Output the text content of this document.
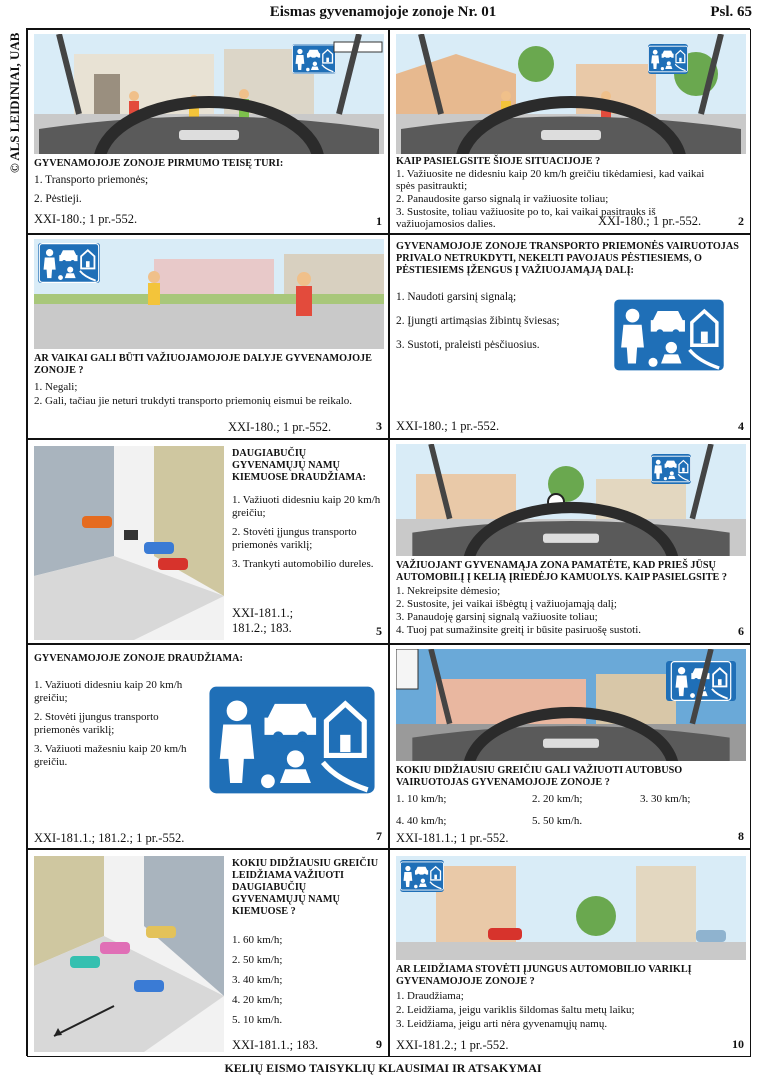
Eismas gyvenamojoje zonoje Nr. 01	Psl. 65
© ALS LEIDINIAI, UAB GYVENAMOJOJE ZONOJE PIRMUMO TEISĘ TURI:
1. Transporto priemonės;
2. Pėstieji.
XXI-180.; 1 pr.-552.	1
KAIP PASIELGSITE ŠIOJE SITUACIJOJE ?
1. Važiuosite ne didesniu kaip 20 km/h greičiu tikėdamiesi, kad vaikai spės pasitraukti;
2. Panaudosite garso signalą ir važiuosite toliau;
3. Sustosite, toliau važiuosite po to, kai vaikai pasitrauks iš važiuojamosios dalies.	XXI-180.; 1 pr.-552.	2
AR VAIKAI GALI BŪTI VAŽIUOJAMOJOJE DALYJE GYVENAMOJOJE ZONOJE ?
1. Negali;
2. Gali, tačiau jie neturi trukdyti transporto priemonių eismui be reikalo.
XXI-180.; 1 pr.-552.	3
GYVENAMOJOJE ZONOJE TRANSPORTO PRIEMONĖS VAIRUOTOJAS PRIVALO NETRUKDYTI, NEKELTI PAVOJAUS PĖSTIESIEMS, O PĖSTIESIEMS ĮŽENGUS Į VAŽIUOJAMĄJĄ DALĮ:
1. Naudoti garsinį signalą;
2. Įjungti artimąsias žibintų šviesas;
3. Sustoti, praleisti pėsčiuosius.
XXI-180.; 1 pr.-552.	4
DAUGIABUČIŲ GYVENAMŲJŲ NAMŲ KIEMUOSE DRAUDŽIAMA:
1. Važiuoti didesniu kaip 20 km/h greičiu;
2. Stovėti įjungus transporto priemonės variklį;
3. Trankyti automobilio dureles.
XXI-181.1.;
181.2.; 183.	5
VAŽIUOJANT GYVENAMĄJA ZONA PAMATĖTE, KAD PRIEŠ JŪSŲ AUTOMOBILĮ Į KELIĄ ĮRIEDĖJO KAMUOLYS. KAIP PASIELGSITE ?
1. Nekreipsite dėmesio;
2. Sustosite, jei vaikai išbėgtų į važiuojamąją dalį;
3. Panaudoję garsinį signalą važiuosite toliau;
4. Tuoj pat sumažinsite greitį ir būsite pasiruošę sustoti.	6
GYVENAMOJOJE ZONOJE DRAUDŽIAMA:
1. Važiuoti didesniu kaip 20 km/h greičiu;
2. Stovėti įjungus transporto priemonės variklį;
3. Važiuoti mažesniu kaip 20 km/h greičiu.
XXI-181.1.; 181.2.; 1 pr.-552.	7
KOKIU DIDŽIAUSIU GREIČIU GALI VAŽIUOTI AUTOBUSO VAIRUOTOJAS GYVENAMOJOJE ZONOJE ?
1. 10 km/h;	2. 20 km/h;	3. 30 km/h;
4. 40 km/h;	5. 50 km/h.
XXI-181.1.; 1 pr.-552.	8
KOKIU DIDŽIAUSIU GREIČIU LEIDŽIAMA VAŽIUOTI DAUGIABUČIŲ GYVENAMŲJŲ NAMŲ KIEMUOSE ?
1. 60 km/h;
2. 50 km/h;
3. 40 km/h;
4. 20 km/h;
5. 10 km/h.
XXI-181.1.; 183.	9
AR LEIDŽIAMA STOVĖTI ĮJUNGUS AUTOMOBILIO VARIKLĮ GYVENAMOJOJE ZONOJE ?
1. Draudžiama;
2. Leidžiama, jeigu variklis šildomas šaltu metų laiku;
3. Leidžiama, jeigu arti nėra gyvenamųjų namų.
XXI-181.2.; 1 pr.-552.	10
KELIŲ EISMO TAISYKLIŲ KLAUSIMAI IR ATSAKYMAI
